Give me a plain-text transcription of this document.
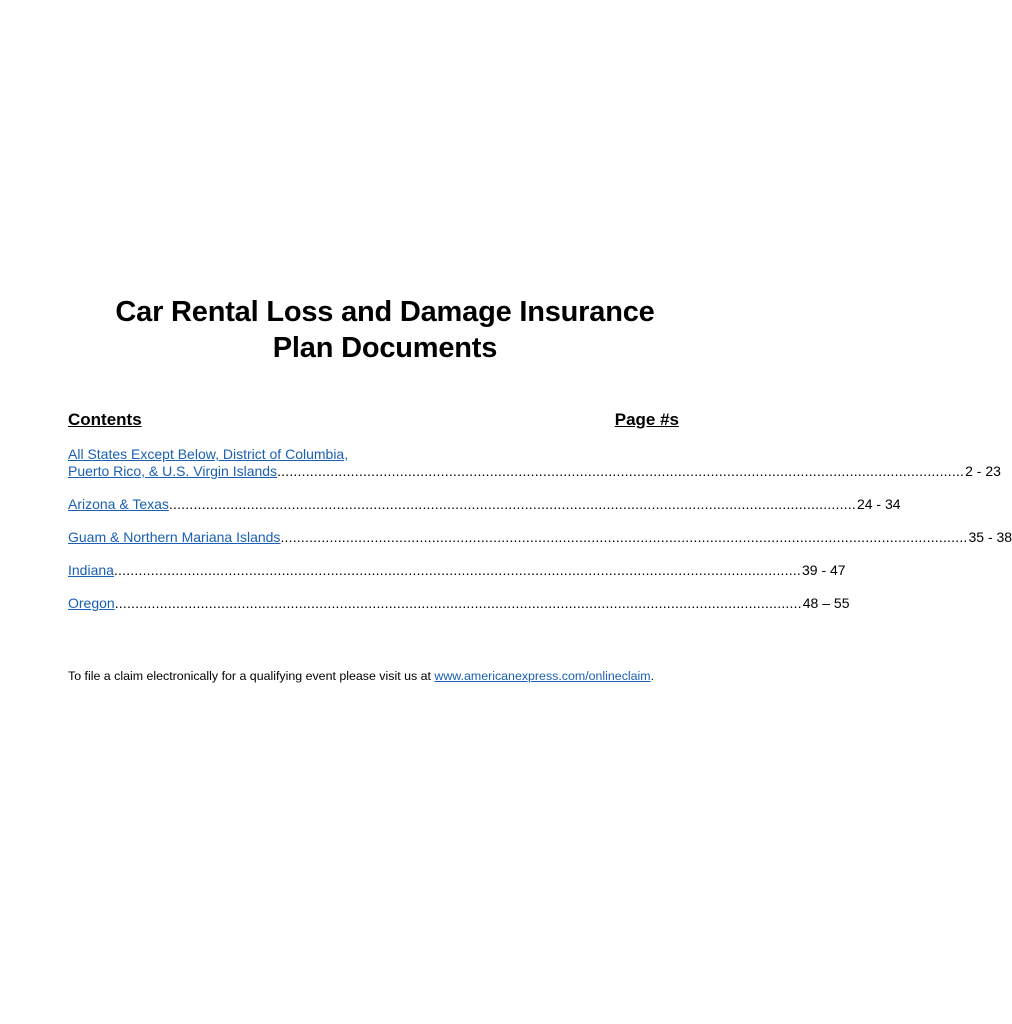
Car Rental Loss and Damage Insurance
Plan Documents
Contents	Page #s
All States Except Below, District of Columbia,
Puerto Rico, & U.S. Virgin Islands ........................................................................................................................................................................ 2 - 23
Arizona & Texas ........................................................................................................................................................................ 24 - 34
Guam & Northern Mariana Islands ........................................................................................................................................................................ 35 - 38
Indiana ........................................................................................................................................................................ 39 - 47
Oregon ........................................................................................................................................................................ 48 – 55
To file a claim electronically for a qualifying event please visit us at www.americanexpress.com/onlineclaim.
